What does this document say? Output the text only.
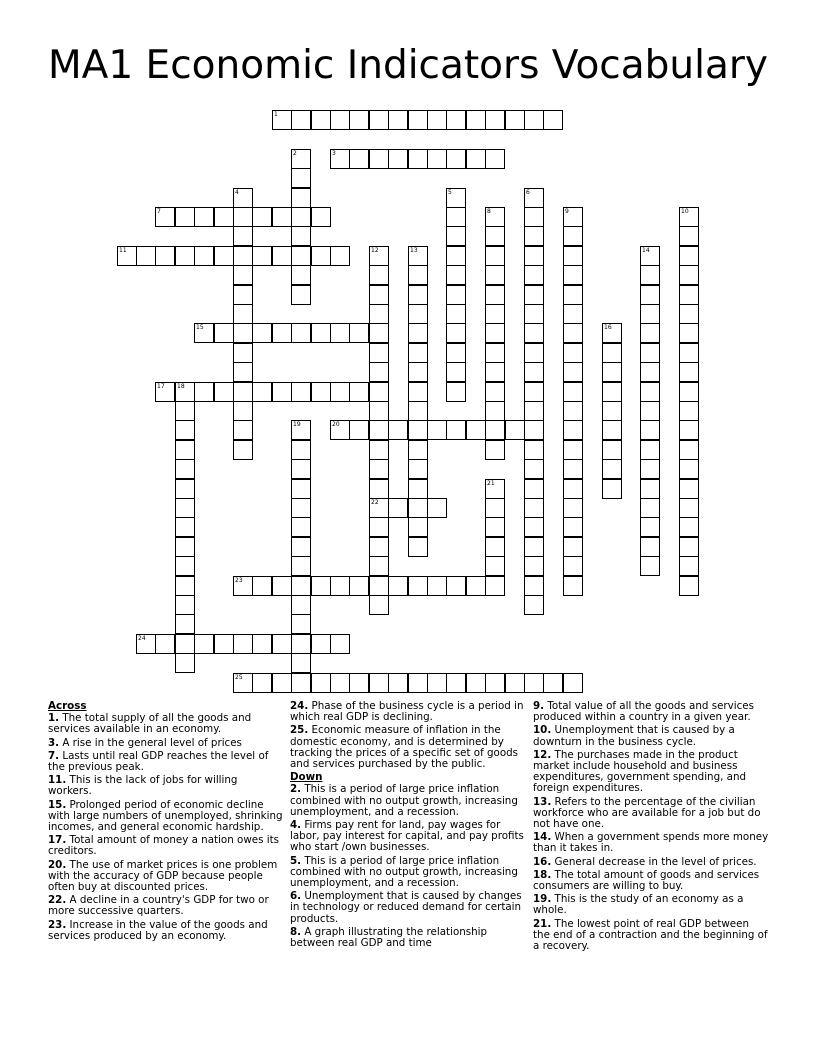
MA1 Economic Indicators Vocabulary
1
2	3
4	5	6
7	8	9	10
11	12
22
13	14
15	16
17 18
19	20
21
23
24
25
Across
1. The total supply of all the goods and services available in an economy.
3. A rise in the general level of prices
7. Lasts until real GDP reaches the level of the previous peak.
11. This is the lack of jobs for willing workers.
15. Prolonged period of economic decline with large numbers of unemployed, shrinking incomes, and general economic hardship.
17. Total amount of money a nation owes its creditors.
20. The use of market prices is one problem with the accuracy of GDP because people often buy at discounted prices.
22. A decline in a country's GDP for two or more successive quarters.
23. Increase in the value of the goods and services produced by an economy.
24. Phase of the business cycle is a period in which real GDP is declining.
25. Economic measure of inflation in the domestic economy, and is determined by tracking the prices of a specific set of goods and services purchased by the public.
Down
2. This is a period of large price inflation combined with no output growth, increasing unemployment, and a recession.
4. Firms pay rent for land, pay wages for labor, pay interest for capital, and pay profits who start /own businesses.
5. This is a period of large price inflation combined with no output growth, increasing unemployment, and a recession.
6. Unemployment that is caused by changes in technology or reduced demand for certain products.
8. A graph illustrating the relationship between real GDP and time
9. Total value of all the goods and services produced within a country in a given year.
10. Unemployment that is caused by a downturn in the business cycle.
12. The purchases made in the product market include household and business expenditures, government spending, and foreign expenditures.
13. Refers to the percentage of the civilian workforce who are available for a job but do not have one.
14. When a government spends more money than it takes in.
16. General decrease in the level of prices.
18. The total amount of goods and services consumers are willing to buy.
19. This is the study of an economy as a whole.
21. The lowest point of real GDP between the end of a contraction and the beginning of a recovery.
